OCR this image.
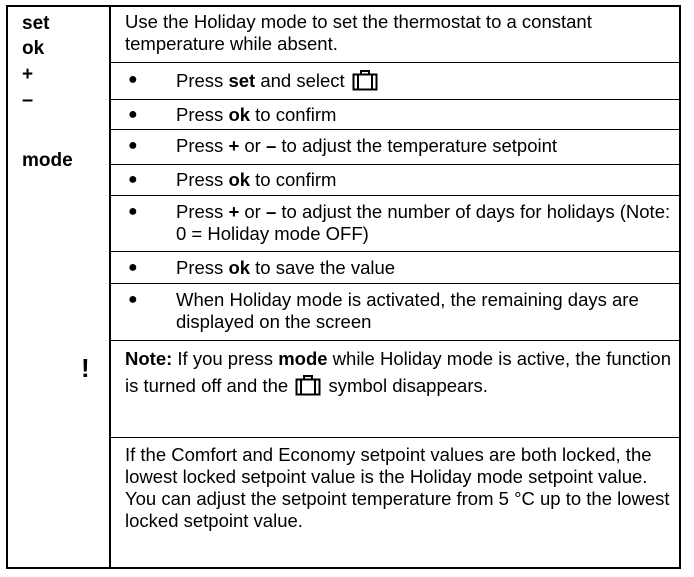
set
ok
+
–
mode
!
Use the Holiday mode to set the thermostat to a constant temperature while absent.
● Press set and select
● Press ok to confirm
● Press + or – to adjust the temperature setpoint
● Press ok to confirm
● Press + or – to adjust the number of days for holidays (Note: 0 = Holiday mode OFF)
● Press ok to save the value
● When Holiday mode is activated, the remaining days are displayed on the screen
Note: If you press mode while Holiday mode is active, the function is turned off and the  symbol disappears.
If the Comfort and Economy setpoint values are both locked, the lowest locked setpoint value is the Holiday mode setpoint value. You can adjust the setpoint temperature from 5 °C up to the lowest locked setpoint value.
